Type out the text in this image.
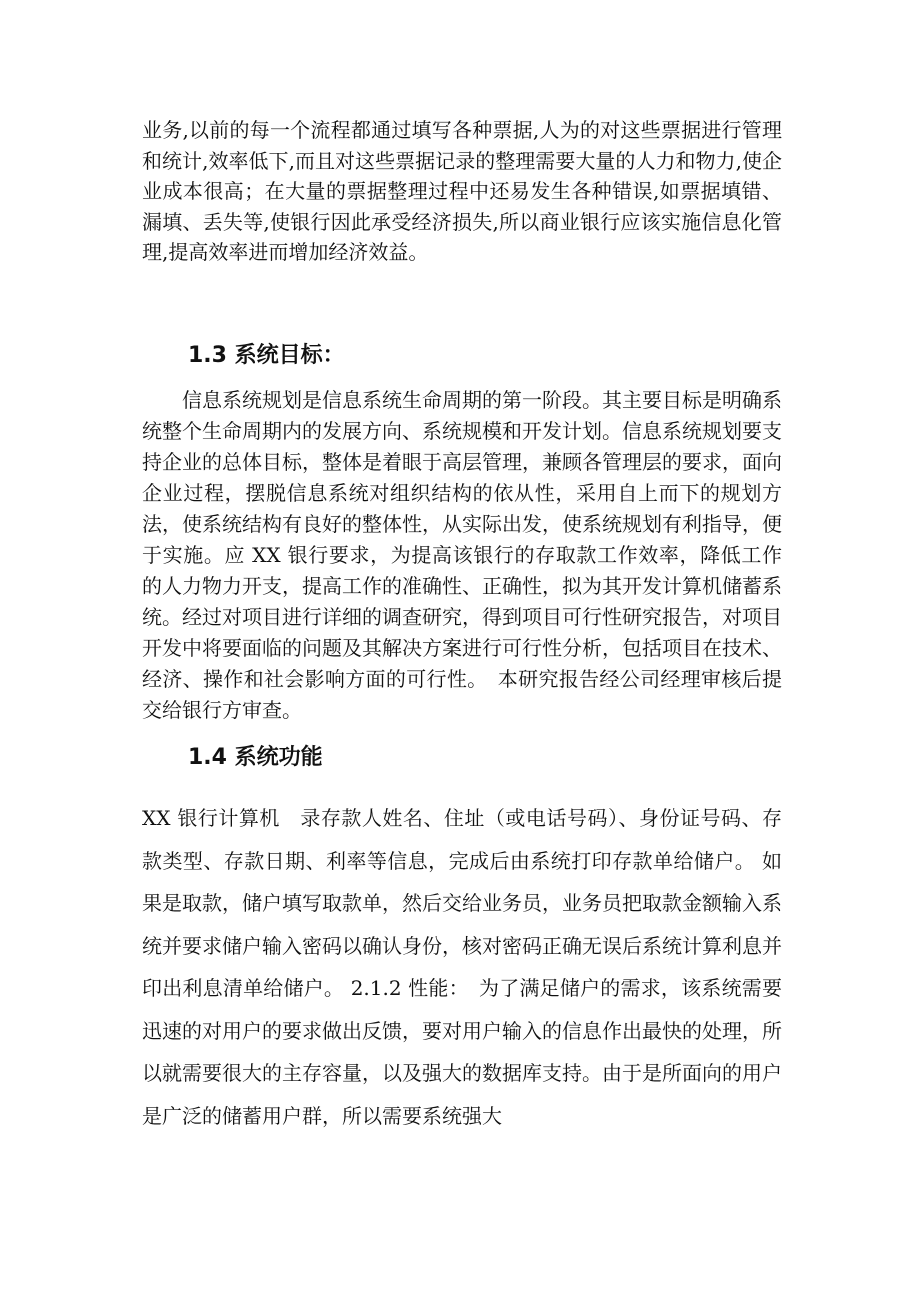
业务,以前的每一个流程都通过填写各种票据,人为的对这些票据进行管理和统计,效率低下,而且对这些票据记录的整理需要大量的人力和物力,使企业成本很高；在大量的票据整理过程中还易发生各种错误,如票据填错、漏填、丢失等,使银行因此承受经济损失,所以商业银行应该实施信息化管理,提高效率进而增加经济效益。

1.3 系统目标：

信息系统规划是信息系统生命周期的第一阶段。其主要目标是明确系统整个生命周期内的发展方向、系统规模和开发计划。信息系统规划要支持企业的总体目标，整体是着眼于高层管理，兼顾各管理层的要求，面向企业过程，摆脱信息系统对组织结构的依从性，采用自上而下的规划方法，使系统结构有良好的整体性，从实际出发，使系统规划有利指导，便于实施。应 XX 银行要求，为提高该银行的存取款工作效率，降低工作的人力物力开支，提高工作的准确性、正确性，拟为其开发计算机储蓄系统。经过对项目进行详细的调查研究，得到项目可行性研究报告，对项目开发中将要面临的问题及其解决方案进行可行性分析，包括项目在技术、经济、操作和社会影响方面的可行性。　本研究报告经公司经理审核后提交给银行方审查。

1.4 系统功能

XX 银行计算机　录存款人姓名、住址（或电话号码）、身份证号码、存款类型、存款日期、利率等信息，完成后由系统打印存款单给储户。 如果是取款，储户填写取款单，然后交给业务员，业务员把取款金额输入系统并要求储户输入密码以确认身份，核对密码正确无误后系统计算利息并印出利息清单给储户。 2.1.2 性能：　为了满足储户的需求，该系统需要迅速的对用户的要求做出反馈，要对用户输入的信息作出最快的处理，所以就需要很大的主存容量，以及强大的数据库支持。由于是所面向的用户是广泛的储蓄用户群，所以需要系统强大
